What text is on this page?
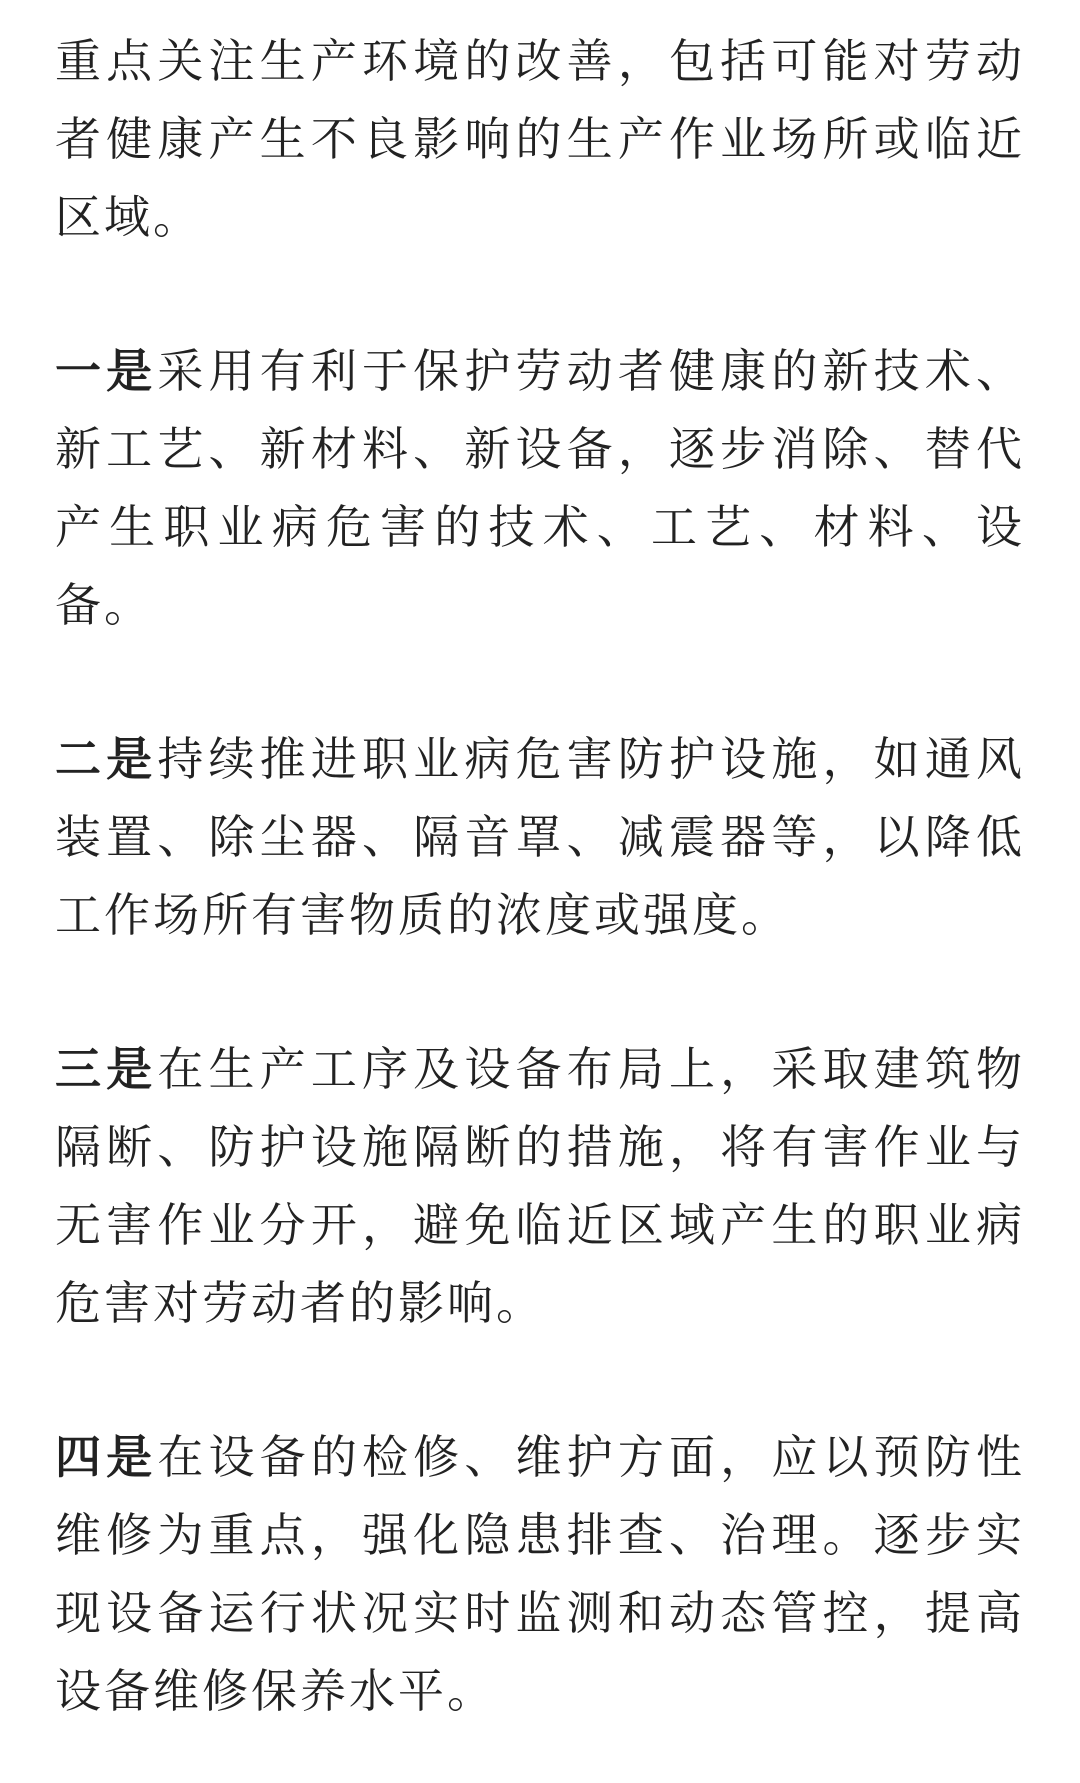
重点关注生产环境的改善，包括可能对劳动者健康产生不良影响的生产作业场所或临近区域。

一是采用有利于保护劳动者健康的新技术、新工艺、新材料、新设备，逐步消除、替代产生职业病危害的技术、工艺、材料、设备。

二是持续推进职业病危害防护设施，如通风装置、除尘器、隔音罩、减震器等，以降低工作场所有害物质的浓度或强度。

三是在生产工序及设备布局上，采取建筑物隔断、防护设施隔断的措施，将有害作业与无害作业分开，避免临近区域产生的职业病危害对劳动者的影响。

四是在设备的检修、维护方面，应以预防性维修为重点，强化隐患排查、治理。逐步实现设备运行状况实时监测和动态管控，提高设备维修保养水平。
